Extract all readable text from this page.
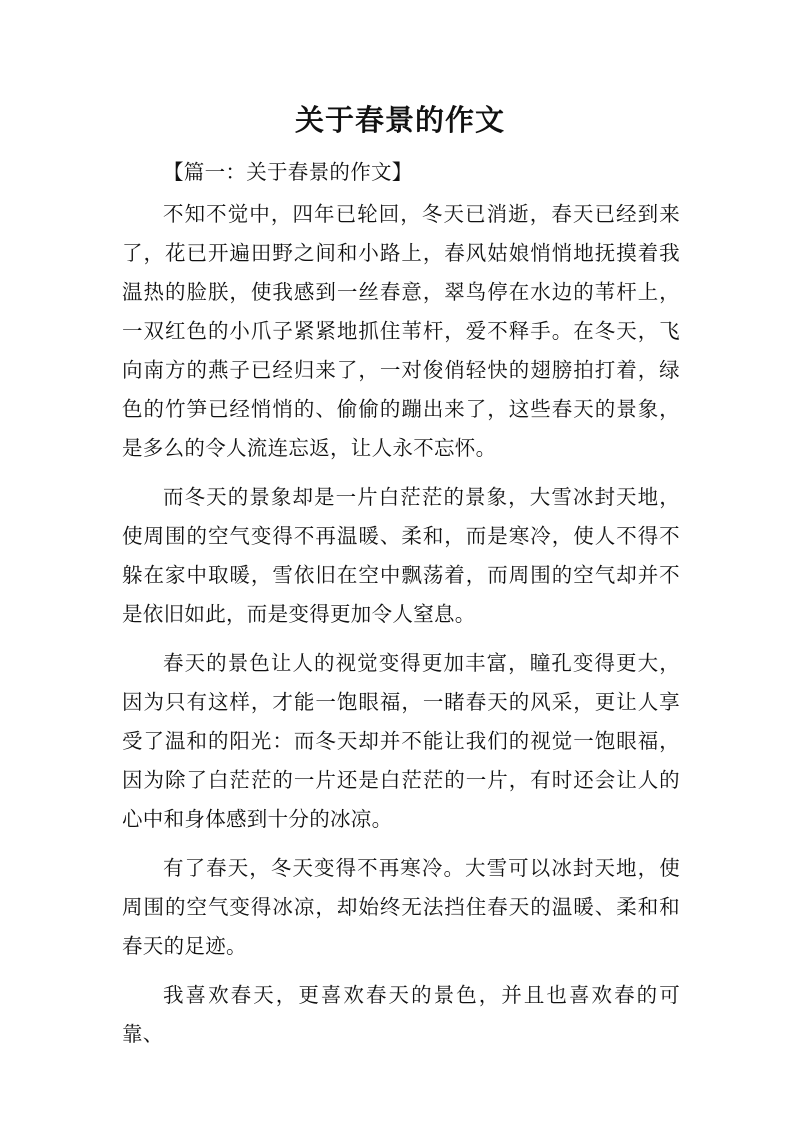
关于春景的作文

【篇一：关于春景的作文】

不知不觉中，四年已轮回，冬天已消逝，春天已经到来了，花已开遍田野之间和小路上，春风姑娘悄悄地抚摸着我温热的脸朕，使我感到一丝春意，翠鸟停在水边的苇杆上，一双红色的小爪子紧紧地抓住苇杆，爱不释手。在冬天，飞向南方的燕子已经归来了，一对俊俏轻快的翅膀拍打着，绿色的竹笋已经悄悄的、偷偷的蹦出来了，这些春天的景象，是多么的令人流连忘返，让人永不忘怀。

而冬天的景象却是一片白茫茫的景象，大雪冰封天地，使周围的空气变得不再温暖、柔和，而是寒冷，使人不得不躲在家中取暖，雪依旧在空中飘荡着，而周围的空气却并不是依旧如此，而是变得更加令人窒息。

春天的景色让人的视觉变得更加丰富，瞳孔变得更大，因为只有这样，才能一饱眼福，一睹春天的风采，更让人享受了温和的阳光：而冬天却并不能让我们的视觉一饱眼福，因为除了白茫茫的一片还是白茫茫的一片，有时还会让人的心中和身体感到十分的冰凉。

有了春天，冬天变得不再寒冷。大雪可以冰封天地，使周围的空气变得冰凉，却始终无法挡住春天的温暖、柔和和春天的足迹。

我喜欢春天，更喜欢春天的景色，并且也喜欢春的可靠、
